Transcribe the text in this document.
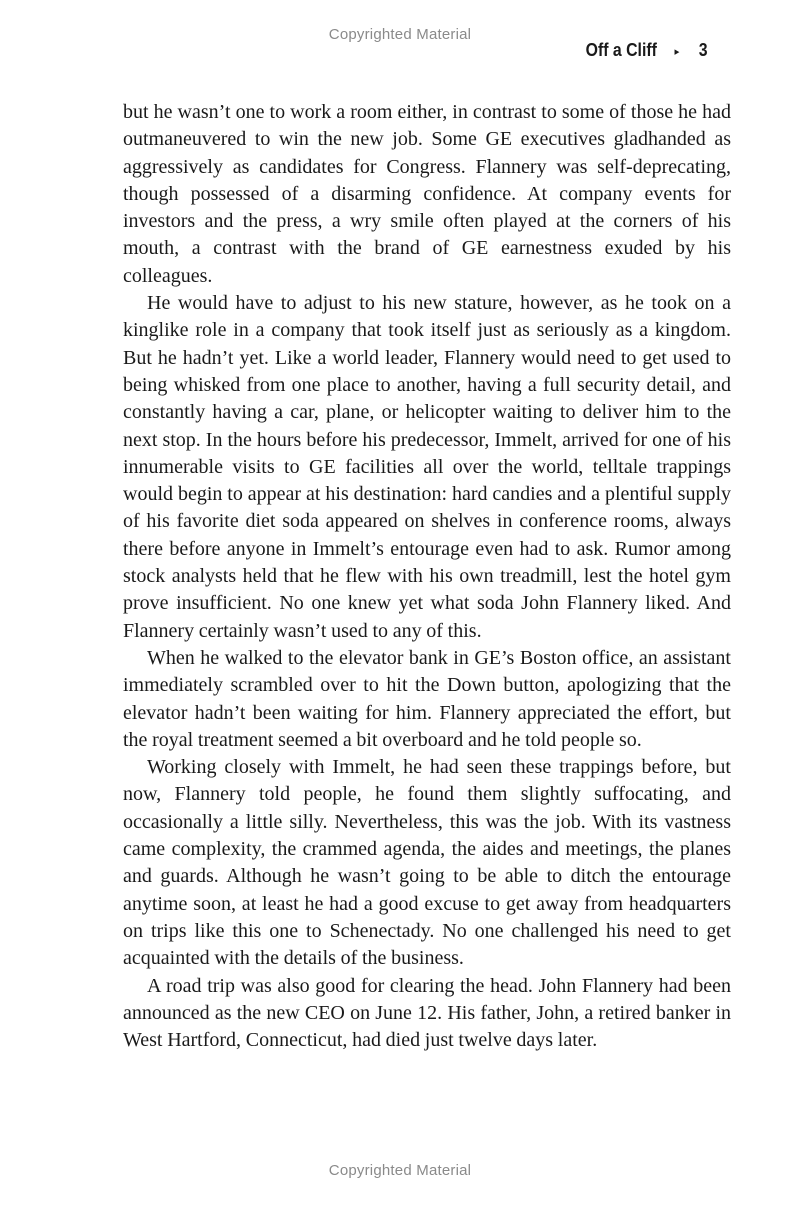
Copyrighted Material
Off a Cliff ▸ 3

but he wasn’t one to work a room either, in contrast to some of those he had outmaneuvered to win the new job. Some GE executives gladhanded as aggressively as candidates for Congress. Flannery was self-deprecating, though possessed of a disarming confidence. At company events for investors and the press, a wry smile often played at the corners of his mouth, a contrast with the brand of GE earnestness exuded by his colleagues.

He would have to adjust to his new stature, however, as he took on a kinglike role in a company that took itself just as seriously as a kingdom. But he hadn’t yet. Like a world leader, Flannery would need to get used to being whisked from one place to another, having a full security detail, and constantly having a car, plane, or helicopter waiting to deliver him to the next stop. In the hours before his predecessor, Immelt, arrived for one of his innumerable visits to GE facilities all over the world, telltale trappings would begin to appear at his destination: hard candies and a plentiful supply of his favorite diet soda appeared on shelves in conference rooms, always there before anyone in Immelt’s entourage even had to ask. Rumor among stock analysts held that he flew with his own treadmill, lest the hotel gym prove insufficient. No one knew yet what soda John Flannery liked. And Flannery certainly wasn’t used to any of this.

When he walked to the elevator bank in GE’s Boston office, an assistant immediately scrambled over to hit the Down button, apologizing that the elevator hadn’t been waiting for him. Flannery appreciated the effort, but the royal treatment seemed a bit overboard and he told people so.

Working closely with Immelt, he had seen these trappings before, but now, Flannery told people, he found them slightly suffocating, and occasionally a little silly. Nevertheless, this was the job. With its vastness came complexity, the crammed agenda, the aides and meetings, the planes and guards. Although he wasn’t going to be able to ditch the entourage anytime soon, at least he had a good excuse to get away from headquarters on trips like this one to Schenectady. No one challenged his need to get acquainted with the details of the business.

A road trip was also good for clearing the head. John Flannery had been announced as the new CEO on June 12. His father, John, a retired banker in West Hartford, Connecticut, had died just twelve days later.

Copyrighted Material
